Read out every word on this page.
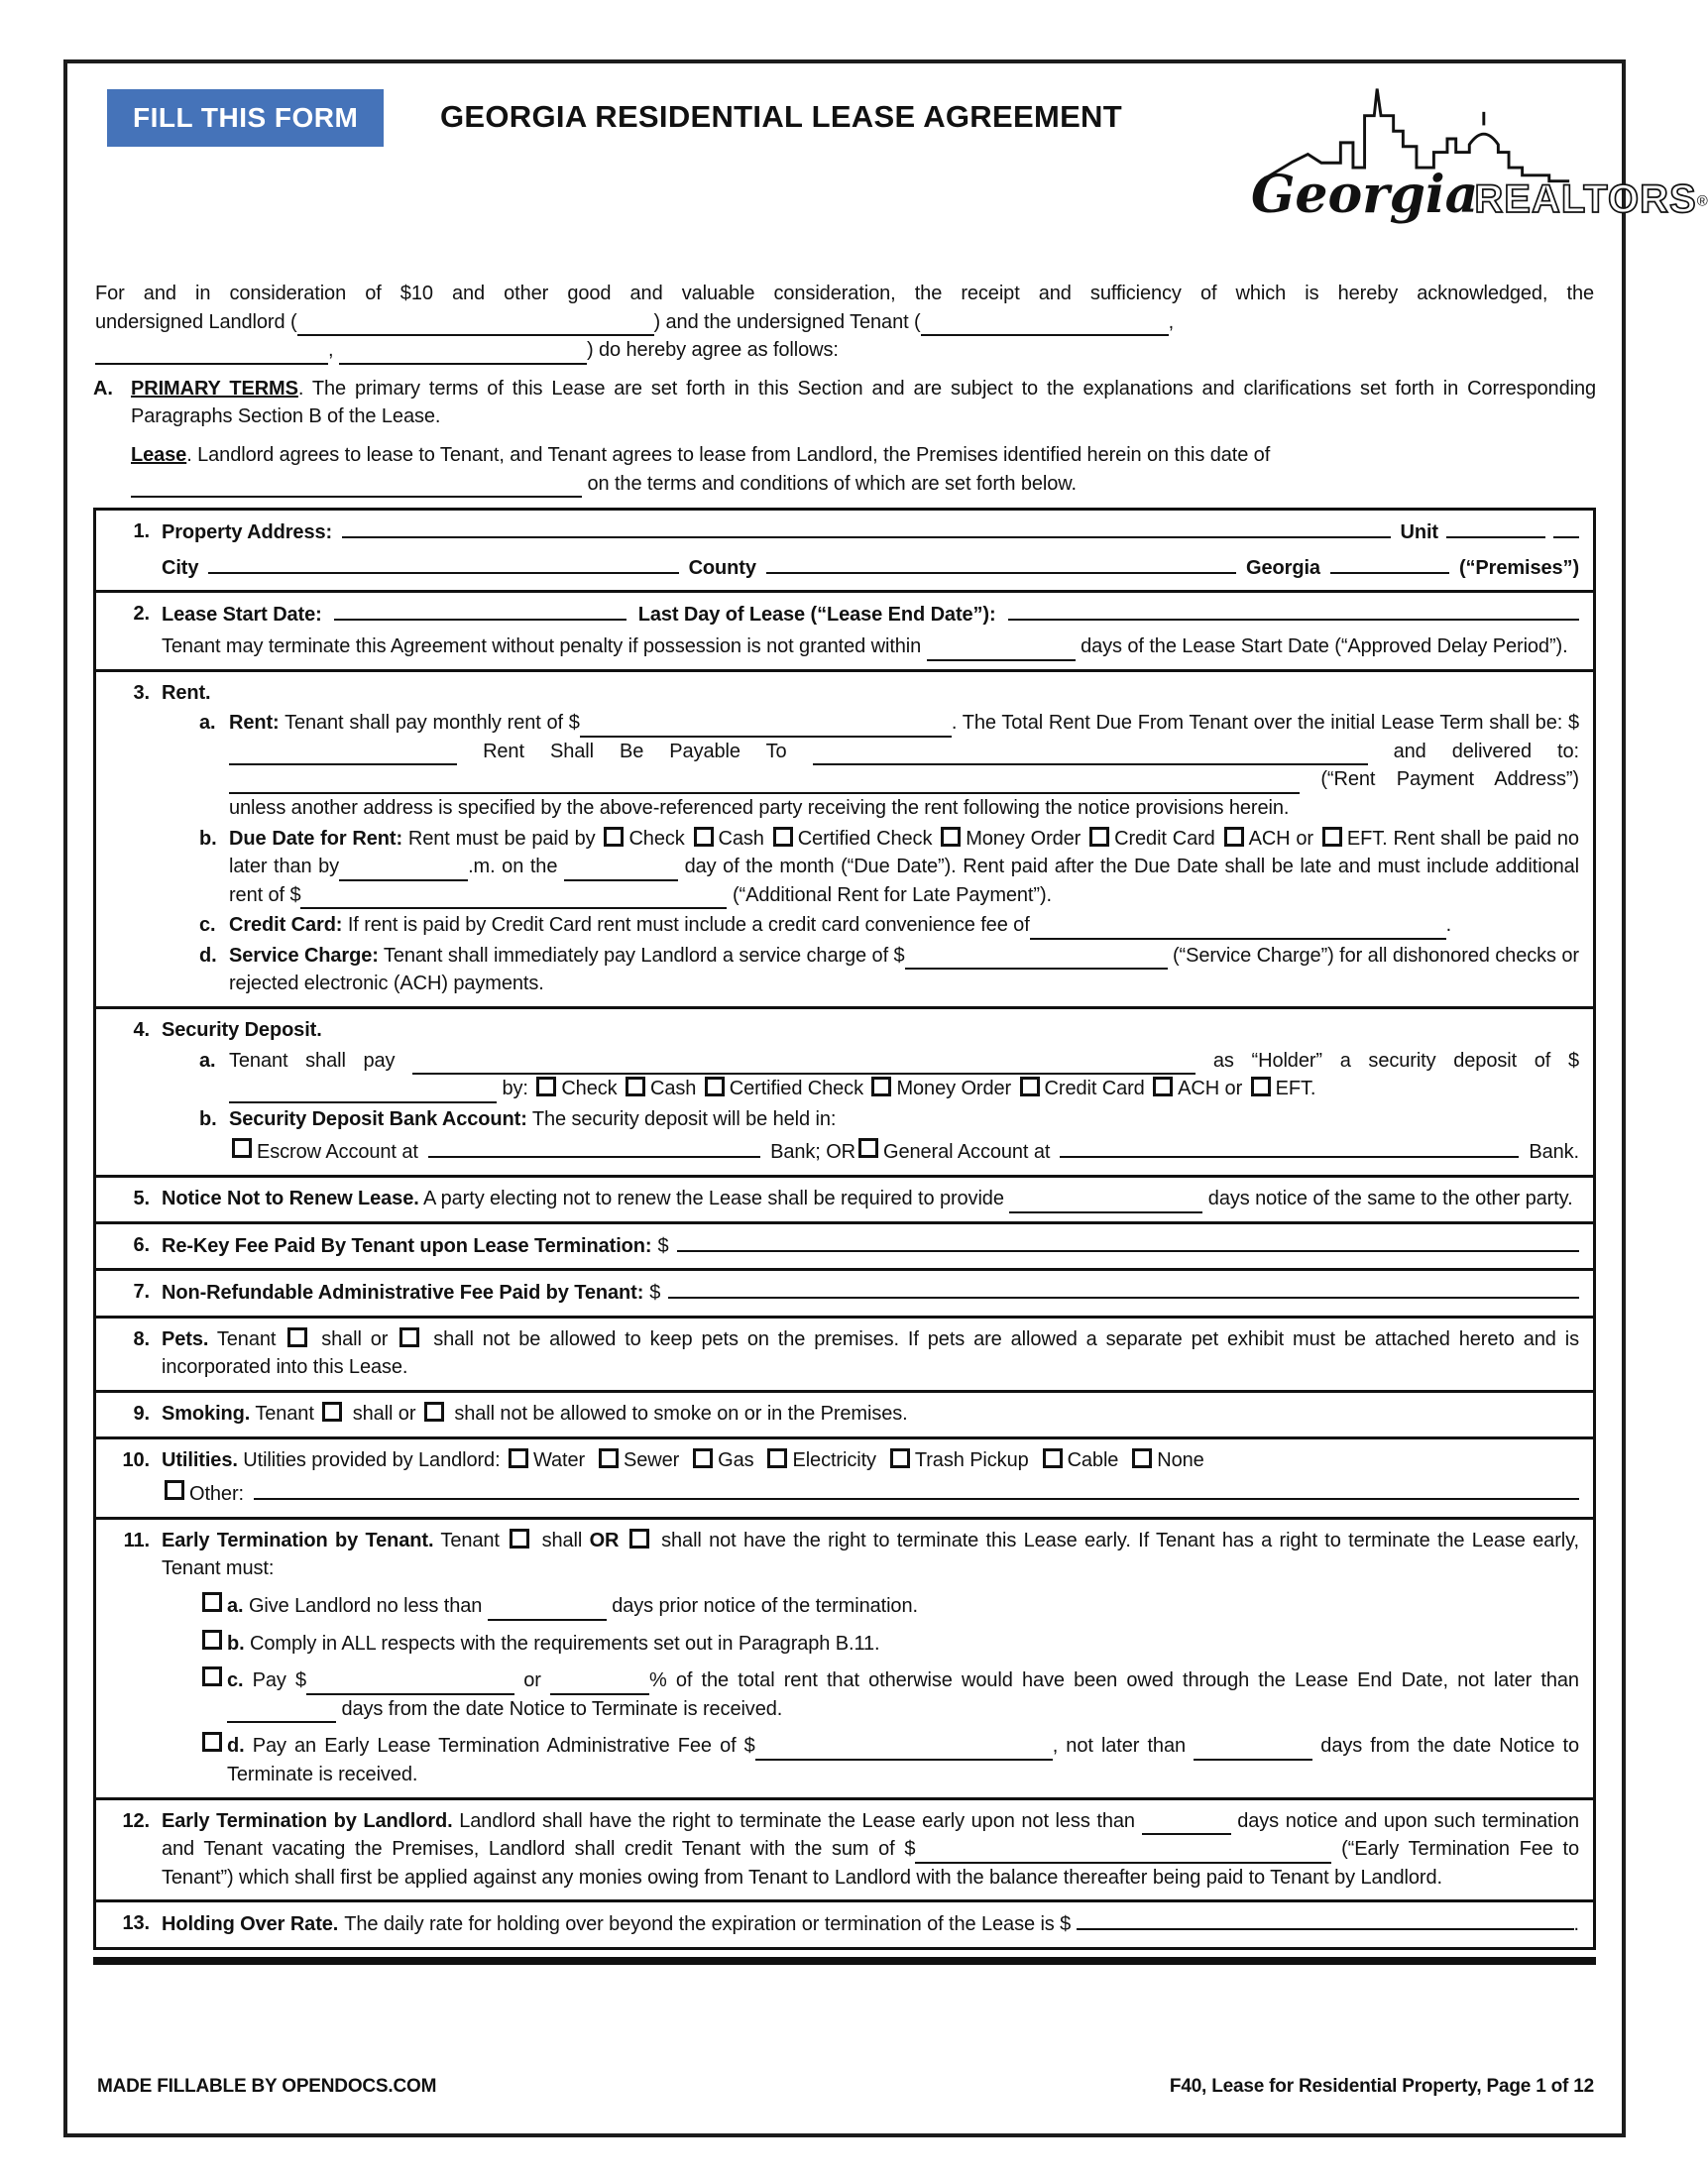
FILL THIS FORM	GEORGIA RESIDENTIAL LEASE AGREEMENT
GeorgiaREALTORS®
For and in consideration of $10 and other good and valuable consideration, the receipt and sufficiency of which is hereby acknowledged, the
undersigned Landlord (	) and the undersigned Tenant (	,
,	) do hereby agree as follows:
A. PRIMARY TERMS. The primary terms of this Lease are set forth in this Section and are subject to the explanations and clarifications set forth in Corresponding Paragraphs Section B of the Lease.
Lease. Landlord agrees to lease to Tenant, and Tenant agrees to lease from Landlord, the Premises identified herein on this date of
on the terms and conditions of which are set forth below.
1. Property Address:	Unit
City	County	Georgia	(“Premises”)
2. Lease Start Date:	Last Day of Lease (“Lease End Date”):
Tenant may terminate this Agreement without penalty if possession is not granted within	days of the Lease Start Date (“Approved Delay Period”).
3. Rent.
a. Rent: Tenant shall pay monthly rent of $	. The Total Rent Due From Tenant over the initial Lease Term shall be: $ Rent Shall Be Payable To	and delivered to:  (“Rent Payment Address”) unless another address is specified by the above-referenced party receiving the rent following the notice provisions herein.
b. Due Date for Rent: Rent must be paid by Check Cash Certified Check Money Order Credit Card ACH or EFT. Rent shall be paid no later than by	.m. on the	day of the month (“Due Date”). Rent paid after the Due Date shall be late and must include additional rent of $	(“Additional Rent for Late Payment”).
c. Credit Card: If rent is paid by Credit Card rent must include a credit card convenience fee of	.
d. Service Charge: Tenant shall immediately pay Landlord a service charge of $	(“Service Charge”) for all dishonored checks or rejected electronic (ACH) payments.
4. Security Deposit.
a. Tenant shall pay	as “Holder” a security deposit of $ by: Check Cash Certified Check Money Order Credit Card ACH or EFT.
b. Security Deposit Bank Account: The security deposit will be held in:
Escrow Account at	Bank; OR General Account at	Bank.
5. Notice Not to Renew Lease. A party electing not to renew the Lease shall be required to provide	days notice of the same to the other party.
6. Re-Key Fee Paid By Tenant upon Lease Termination: $
7. Non-Refundable Administrative Fee Paid by Tenant: $
8. Pets. Tenant shall or shall not be allowed to keep pets on the premises. If pets are allowed a separate pet exhibit must be attached hereto and is incorporated into this Lease.
9. Smoking. Tenant shall or shall not be allowed to smoke on or in the Premises.
10. Utilities. Utilities provided by Landlord: Water Sewer Gas Electricity Trash Pickup Cable None
Other:
11. Early Termination by Tenant. Tenant shall OR shall not have the right to terminate this Lease early. If Tenant has a right to terminate the Lease early, Tenant must:
a. Give Landlord no less than	days prior notice of the termination.
b. Comply in ALL respects with the requirements set out in Paragraph B.11.
c. Pay $	or	% of the total rent that otherwise would have been owed through the Lease End Date, not later than  days from the date Notice to Terminate is received.
d. Pay an Early Lease Termination Administrative Fee of $	, not later than	days from the date Notice to Terminate is received.
12. Early Termination by Landlord. Landlord shall have the right to terminate the Lease early upon not less than	days notice and upon such termination and Tenant vacating the Premises, Landlord shall credit Tenant with the sum of $	(“Early Termination Fee to Tenant”) which shall first be applied against any monies owing from Tenant to Landlord with the balance thereafter being paid to Tenant by Landlord.
13. Holding Over Rate. The daily rate for holding over beyond the expiration or termination of the Lease is $	.
MADE FILLABLE BY OPENDOCS.COM	F40, Lease for Residential Property, Page 1 of 12
